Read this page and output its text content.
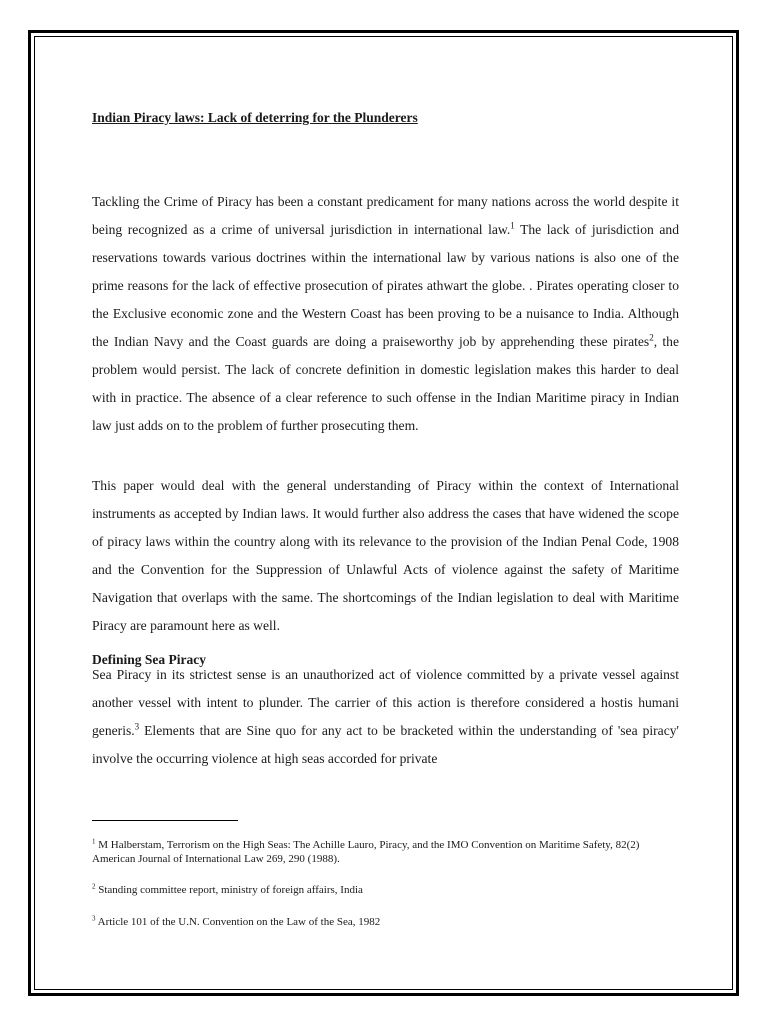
Indian Piracy laws: Lack of deterring for the Plunderers

Tackling the Crime of Piracy has been a constant predicament for many nations across the world despite it being recognized as a crime of universal jurisdiction in international law.$^1$ The lack of jurisdiction and reservations towards various doctrines within the international law by various nations is also one of the prime reasons for the lack of effective prosecution of pirates athwart the globe. . Pirates operating closer to the Exclusive economic zone and the Western Coast has been proving to be a nuisance to India. Although the Indian Navy and the Coast guards are doing a praiseworthy job by apprehending these pirates$^2$, the problem would persist. The lack of concrete definition in domestic legislation makes this harder to deal with in practice. The absence of a clear reference to such offense in the Indian Maritime piracy in Indian law just adds on to the problem of further prosecuting them.

This paper would deal with the general understanding of Piracy within the context of International instruments as accepted by Indian laws. It would further also address the cases that have widened the scope of piracy laws within the country along with its relevance to the provision of the Indian Penal Code, 1908 and the Convention for the Suppression of Unlawful Acts of violence against the safety of Maritime Navigation that overlaps with the same. The shortcomings of the Indian legislation to deal with Maritime Piracy are paramount here as well.

Defining Sea Piracy

Sea Piracy in its strictest sense is an unauthorized act of violence committed by a private vessel against another vessel with intent to plunder. The carrier of this action is therefore considered a hostis humani generis.$^3$ Elements that are Sine quo for any act to be bracketed within the understanding of 'sea piracy' involve the occurring violence at high seas accorded for private

$^1$ M Halberstam, Terrorism on the High Seas: The Achille Lauro, Piracy, and the IMO Convention on Maritime Safety, 82(2) American Journal of International Law 269, 290 (1988).

$^2$ Standing committee report, ministry of foreign affairs, India

$^3$ Article 101 of the U.N. Convention on the Law of the Sea, 1982
